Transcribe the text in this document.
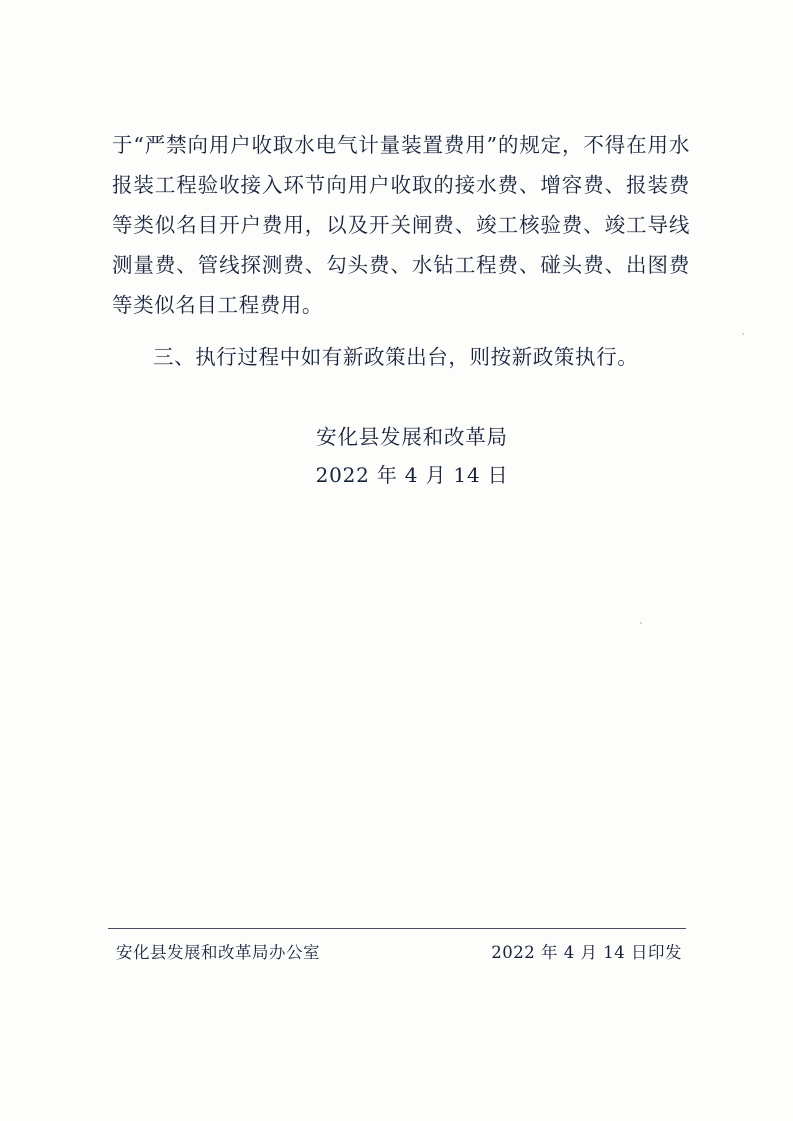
于“严禁向用户收取水电气计量装置费用”的规定，不得在用水报装工程验收接入环节向用户收取的接水费、增容费、报装费等类似名目开户费用，以及开关闸费、竣工核验费、竣工导线测量费、管线探测费、勾头费、水钻工程费、碰头费、出图费等类似名目工程费用。

三、执行过程中如有新政策出台，则按新政策执行。

安化县发展和改革局
2022 年 4 月 14 日
安化县发展和改革局办公室	2022 年 4 月 14 日印发
